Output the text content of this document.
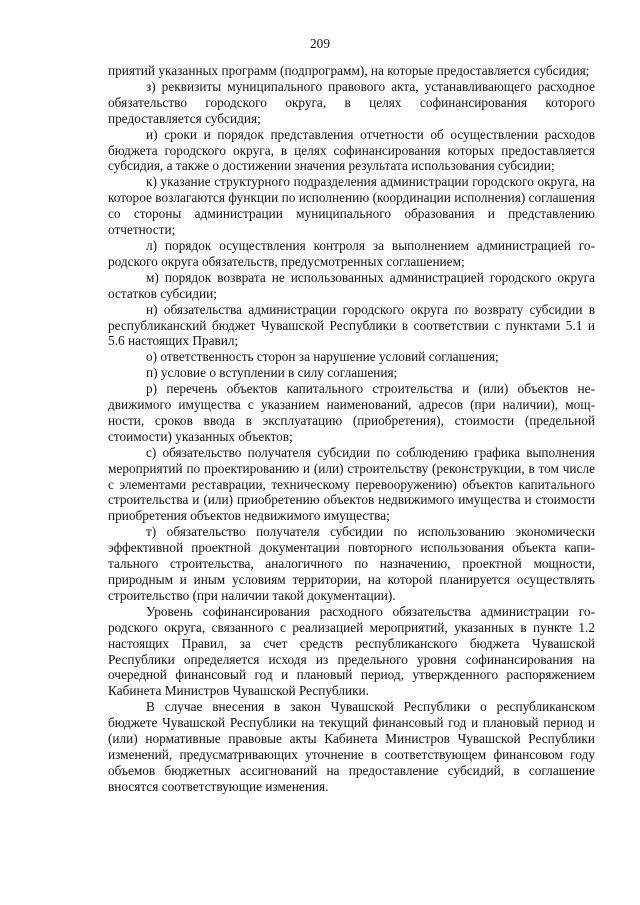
209

приятий указанных программ (подпрограмм), на которые предоставляется субсидия;

з) реквизиты муниципального правового акта, устанавливающего расходное обязательство городского округа, в целях софинансирования которого предоставляется субсидия;

и) сроки и порядок представления отчетности об осуществлении расходов бюджета городского округа, в целях софинансирования которых предоставляется субсидия, а также о достижении значения результата использования субсидии;

к) указание структурного подразделения администрации городского округа, на которое возлагаются функции по исполнению (координации исполнения) соглашения со стороны администрации муниципального образования и представлению отчетности;

л) порядок осуществления контроля за выполнением администрацией городского округа обязательств, предусмотренных соглашением;

м) порядок возврата не использованных администрацией городского округа остатков субсидии;

н) обязательства администрации городского округа по возврату субсидии в республиканский бюджет Чувашской Республики в соответствии с пунктами 5.1 и 5.6 настоящих Правил;

о) ответственность сторон за нарушение условий соглашения;

п) условие о вступлении в силу соглашения;

р) перечень объектов капитального строительства и (или) объектов недвижимого имущества с указанием наименований, адресов (при наличии), мощности, сроков ввода в эксплуатацию (приобретения), стоимости (предельной стоимости) указанных объектов;

с) обязательство получателя субсидии по соблюдению графика выполнения мероприятий по проектированию и (или) строительству (реконструкции, в том числе с элементами реставрации, техническому перевооружению) объектов капитального строительства и (или) приобретению объектов недвижимого имущества и стоимости приобретения объектов недвижимого имущества;

т) обязательство получателя субсидии по использованию экономически эффективной проектной документации повторного использования объекта капитального строительства, аналогичного по назначению, проектной мощности, природным и иным условиям территории, на которой планируется осуществлять строительство (при наличии такой документации).

Уровень софинансирования расходного обязательства администрации городского округа, связанного с реализацией мероприятий, указанных в пункте 1.2 настоящих Правил, за счет средств республиканского бюджета Чувашской Республики определяется исходя из предельного уровня софинансирования на очередной финансовый год и плановый период, утвержденного распоряжением Кабинета Министров Чувашской Республики.

В случае внесения в закон Чувашской Республики о республиканском бюджете Чувашской Республики на текущий финансовый год и плановый период и (или) нормативные правовые акты Кабинета Министров Чувашской Республики изменений, предусматривающих уточнение в соответствующем финансовом году объемов бюджетных ассигнований на предоставление субсидий, в соглашение вносятся соответствующие изменения.
